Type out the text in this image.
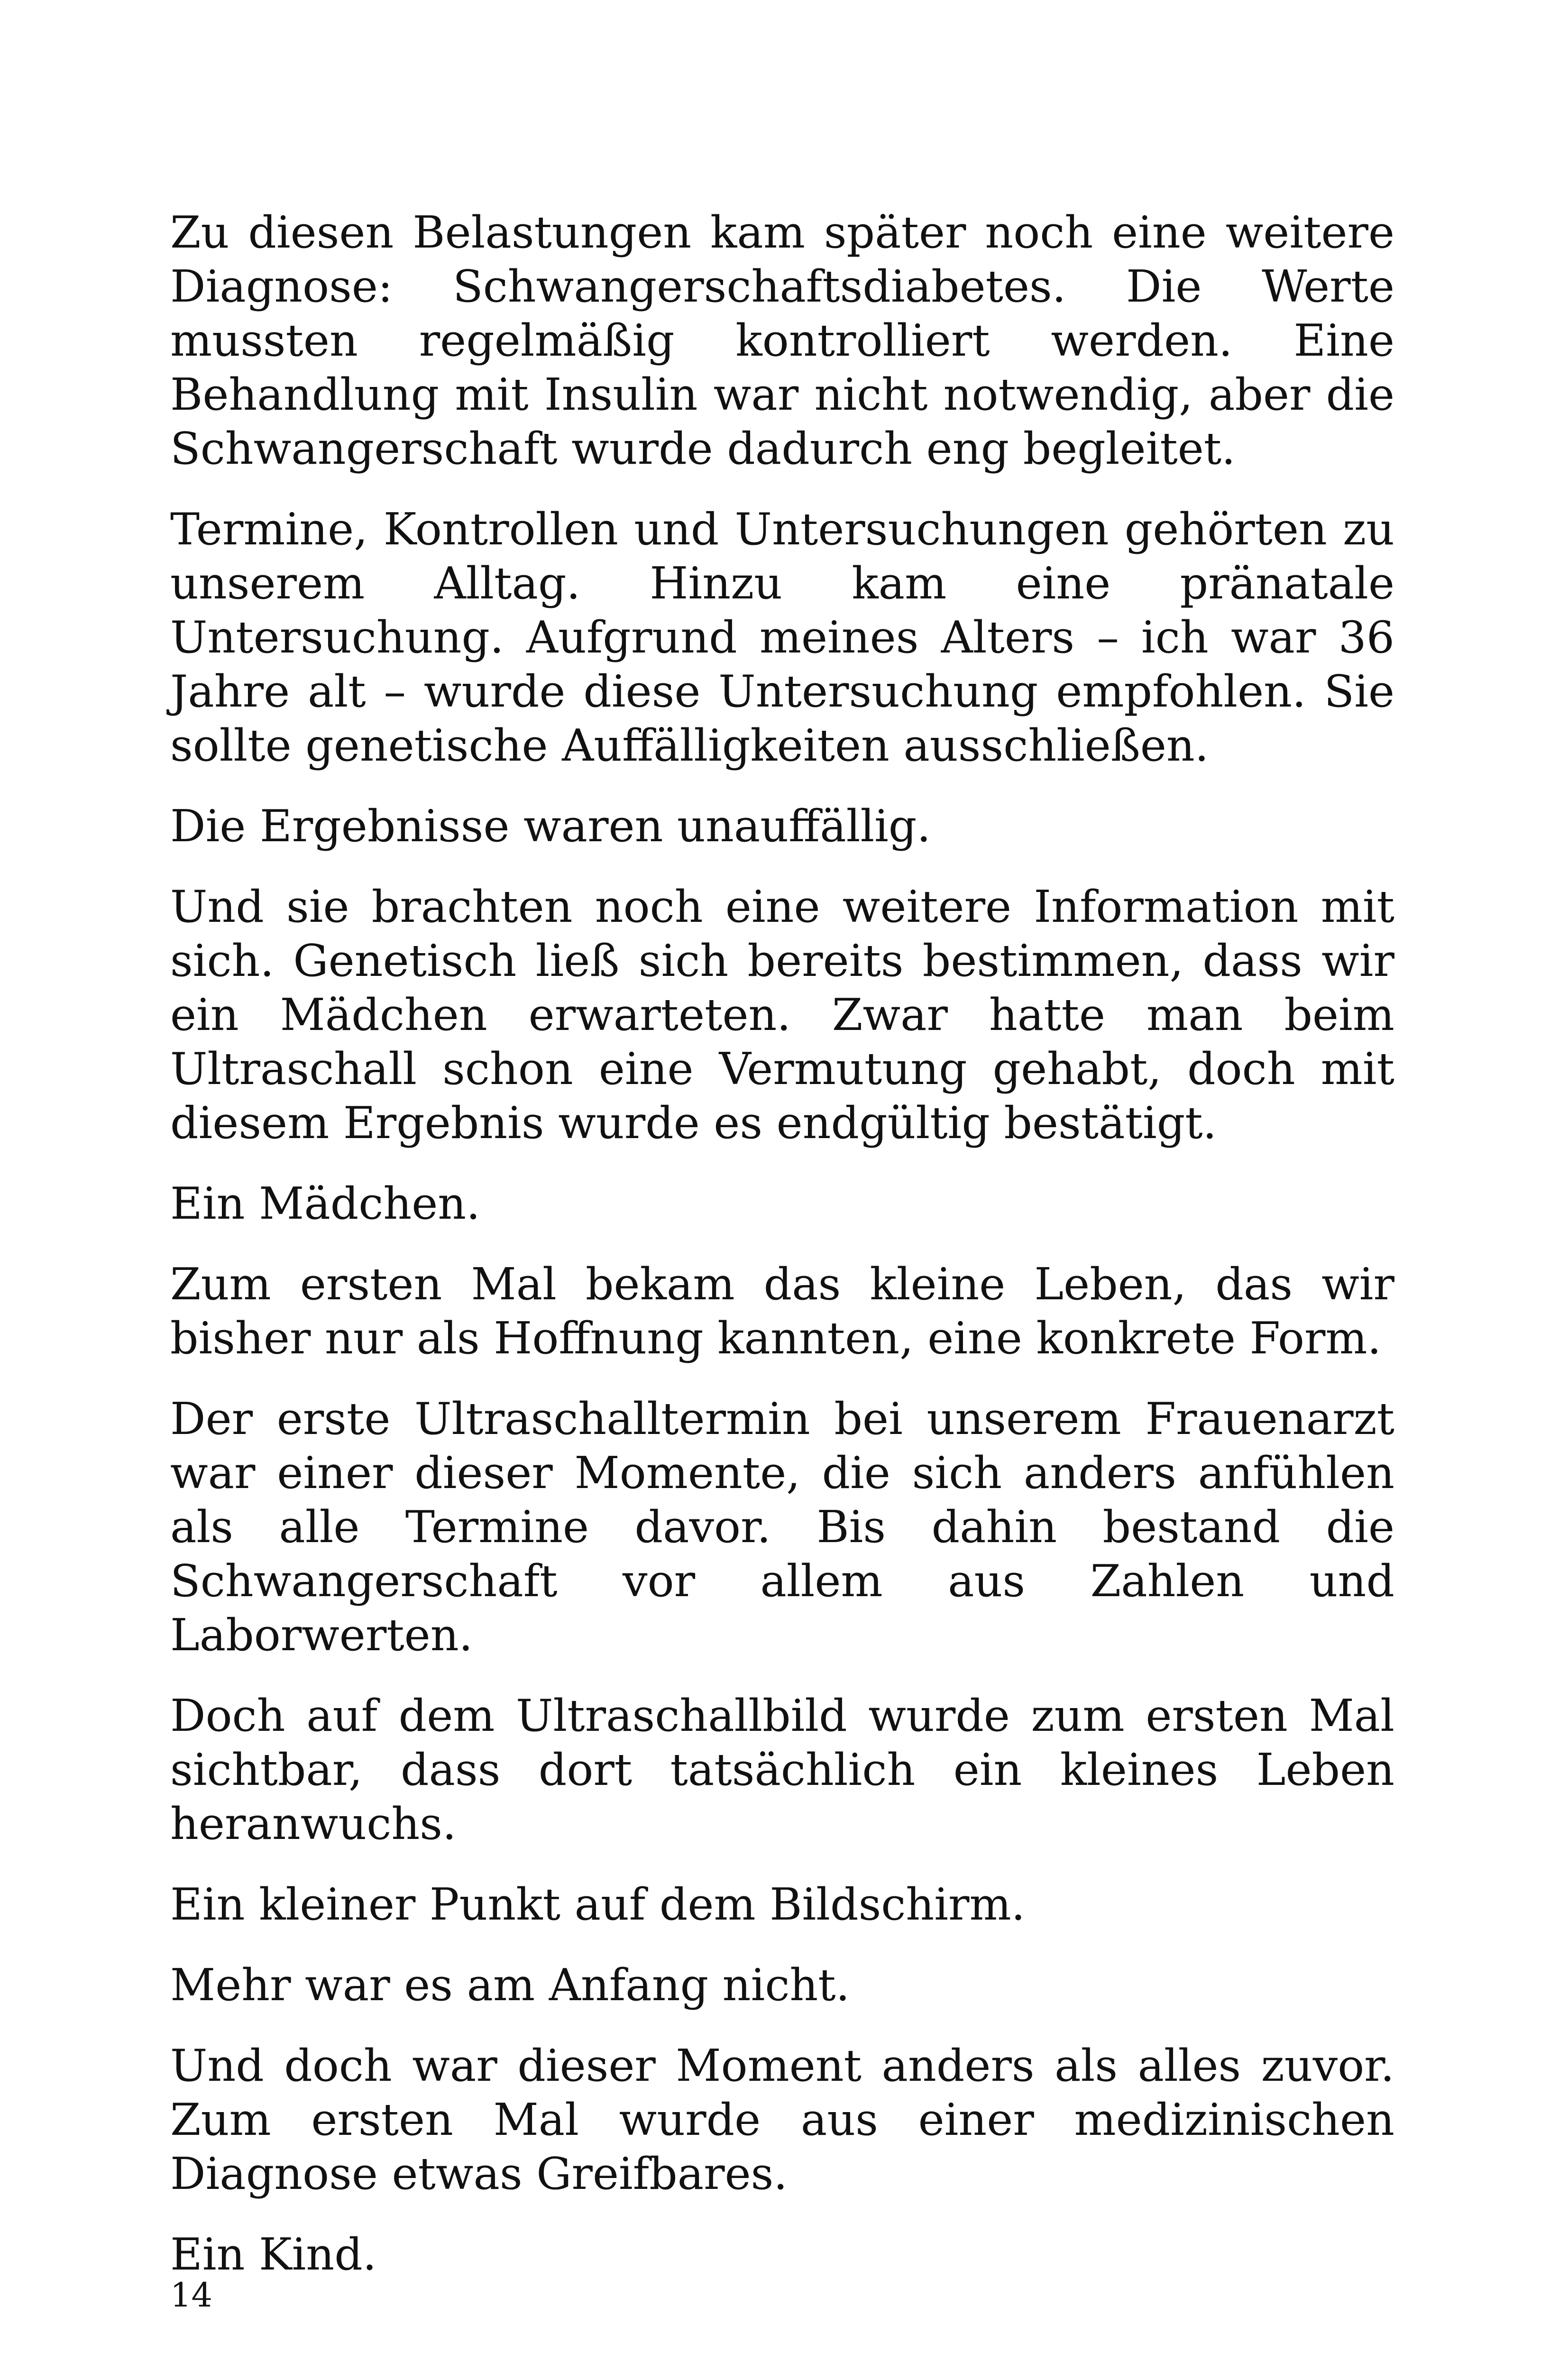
Zu diesen Belastungen kam später noch eine weitere Diagnose: Schwangerschaftsdiabetes. Die Werte mussten regelmäßig kontrolliert werden. Eine Behandlung mit Insulin war nicht notwendig, aber die Schwangerschaft wurde dadurch eng begleitet.

Termine, Kontrollen und Untersuchungen gehörten zu unserem Alltag. Hinzu kam eine pränatale Untersuchung. Aufgrund meines Alters – ich war 36 Jahre alt – wurde diese Untersuchung empfohlen. Sie sollte genetische Auffälligkeiten ausschließen.

Die Ergebnisse waren unauffällig.

Und sie brachten noch eine weitere Information mit sich. Genetisch ließ sich bereits bestimmen, dass wir ein Mädchen erwarteten. Zwar hatte man beim Ultraschall schon eine Vermutung gehabt, doch mit diesem Ergebnis wurde es endgültig bestätigt.

Ein Mädchen.

Zum ersten Mal bekam das kleine Leben, das wir bisher nur als Hoffnung kannten, eine konkrete Form.

Der erste Ultraschalltermin bei unserem Frauenarzt war einer dieser Momente, die sich anders anfühlen als alle Termine davor. Bis dahin bestand die Schwangerschaft vor allem aus Zahlen und Laborwerten.

Doch auf dem Ultraschallbild wurde zum ersten Mal sichtbar, dass dort tatsächlich ein kleines Leben heranwuchs.

Ein kleiner Punkt auf dem Bildschirm.

Mehr war es am Anfang nicht.

Und doch war dieser Moment anders als alles zuvor. Zum ersten Mal wurde aus einer medizinischen Diagnose etwas Greifbares.

Ein Kind.

14
